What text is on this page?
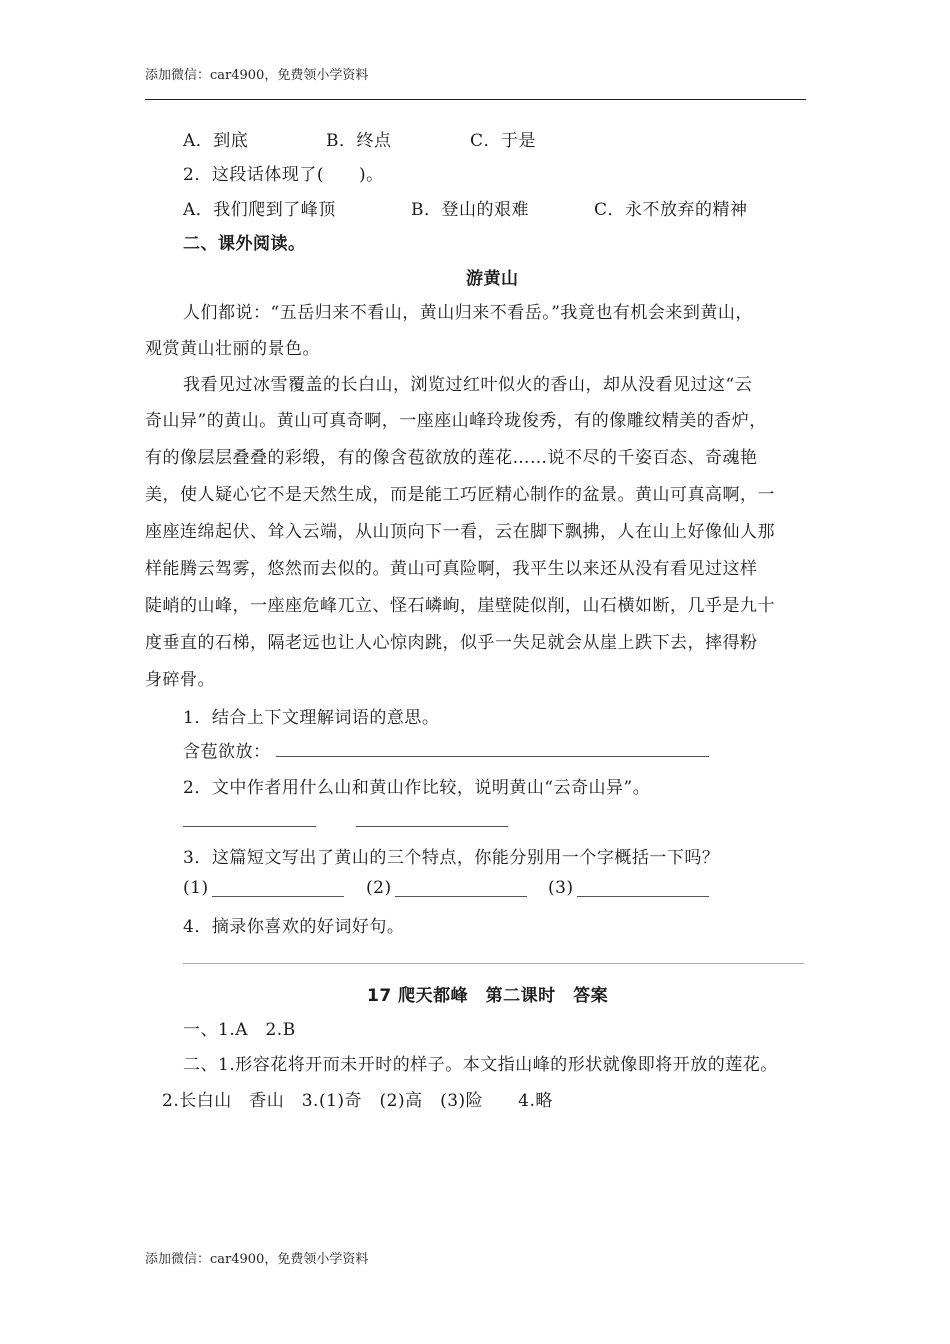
添加微信：car4900，免费领小学资料
A．到底	B．终点	C．于是
2．这段话体现了(　　)。
A．我们爬到了峰顶	B．登山的艰难	C．永不放弃的精神
二、课外阅读。
游黄山
人们都说：“五岳归来不看山，黄山归来不看岳。”我竟也有机会来到黄山，
观赏黄山壮丽的景色。
我看见过冰雪覆盖的长白山，浏览过红叶似火的香山，却从没看见过这“云
奇山异”的黄山。黄山可真奇啊，一座座山峰玲珑俊秀，有的像雕纹精美的香炉，
有的像层层叠叠的彩缎，有的像含苞欲放的莲花……说不尽的千姿百态、奇魂艳
美，使人疑心它不是天然生成，而是能工巧匠精心制作的盆景。黄山可真高啊，一
座座连绵起伏、耸入云端，从山顶向下一看，云在脚下飘拂，人在山上好像仙人那
样能腾云驾雾，悠然而去似的。黄山可真险啊，我平生以来还从没有看见过这样
陡峭的山峰，一座座危峰兀立、怪石嶙峋，崖壁陡似削，山石横如断，几乎是九十
度垂直的石梯，隔老远也让人心惊肉跳，似乎一失足就会从崖上跌下去，摔得粉
身碎骨。
1．结合上下文理解词语的意思。
含苞欲放：
2．文中作者用什么山和黄山作比较，说明黄山“云奇山异”。
3．这篇短文写出了黄山的三个特点，你能分别用一个字概括一下吗？
(1)	(2)	(3)
4．摘录你喜欢的好词好句。
17 爬天都峰　第二课时　答案
一、1.A　2.B
二、1.形容花将开而未开时的样子。本文指山峰的形状就像即将开放的莲花。
2.长白山　香山　3.(1)奇　(2)高　(3)险　　4.略
添加微信：car4900，免费领小学资料
